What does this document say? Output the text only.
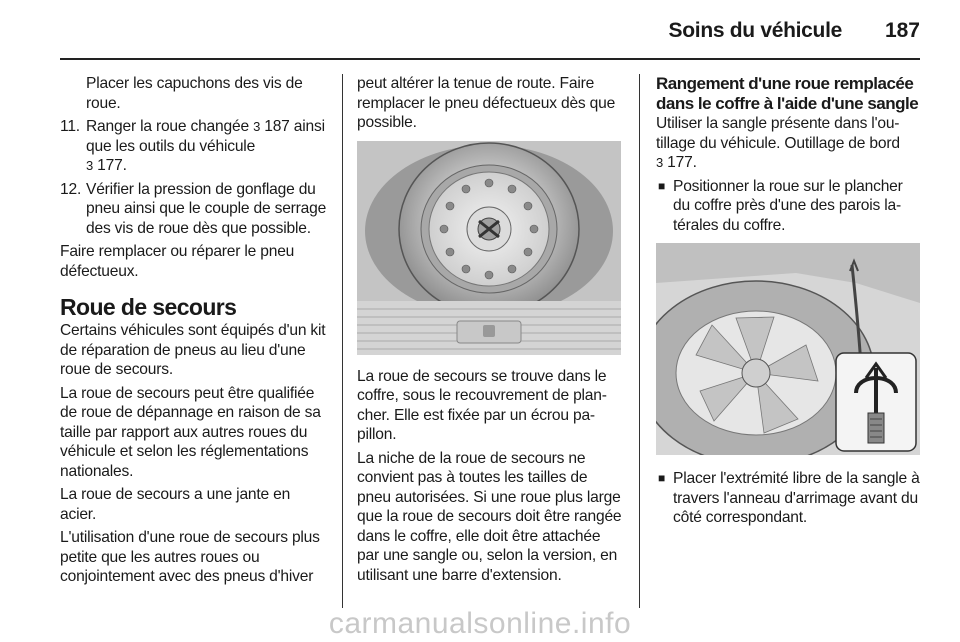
Soins du véhicule 187
Placer les capuchons des vis de roue.
11. Ranger la roue changée 3 187 ainsi que les outils du véhicule
3 177.
12. Vérifier la pression de gonflage du pneu ainsi que le couple de serrage des vis de roue dès que possible.
Faire remplacer ou réparer le pneu défectueux.
Roue de secours
Certains véhicules sont équipés d'un kit de réparation de pneus au lieu d'une roue de secours.
La roue de secours peut être qualifiée de roue de dépannage en raison de sa taille par rapport aux autres roues du véhicule et selon les réglementations nationales.
La roue de secours a une jante en acier.
L'utilisation d'une roue de secours plus petite que les autres roues ou conjointement avec des pneus d'hiver
peut altérer la tenue de route. Faire remplacer le pneu défectueux dès que possible.
La roue de secours se trouve dans le coffre, sous le recouvrement de plancher. Elle est fixée par un écrou papillon.
La niche de la roue de secours ne convient pas à toutes les tailles de pneu autorisées. Si une roue plus large que la roue de secours doit être rangée dans le coffre, elle doit être attachée par une sangle ou, selon la version, en utilisant une barre d'extension.
Rangement d'une roue remplacée dans le coffre à l'aide d'une sangle
Utiliser la sangle présente dans l'outillage du véhicule. Outillage de bord
3 177.
■ Positionner la roue sur le plancher du coffre près d'une des parois latérales du coffre.
■ Placer l'extrémité libre de la sangle à travers l'anneau d'arrimage avant du côté correspondant.
carmanualsonline.info
